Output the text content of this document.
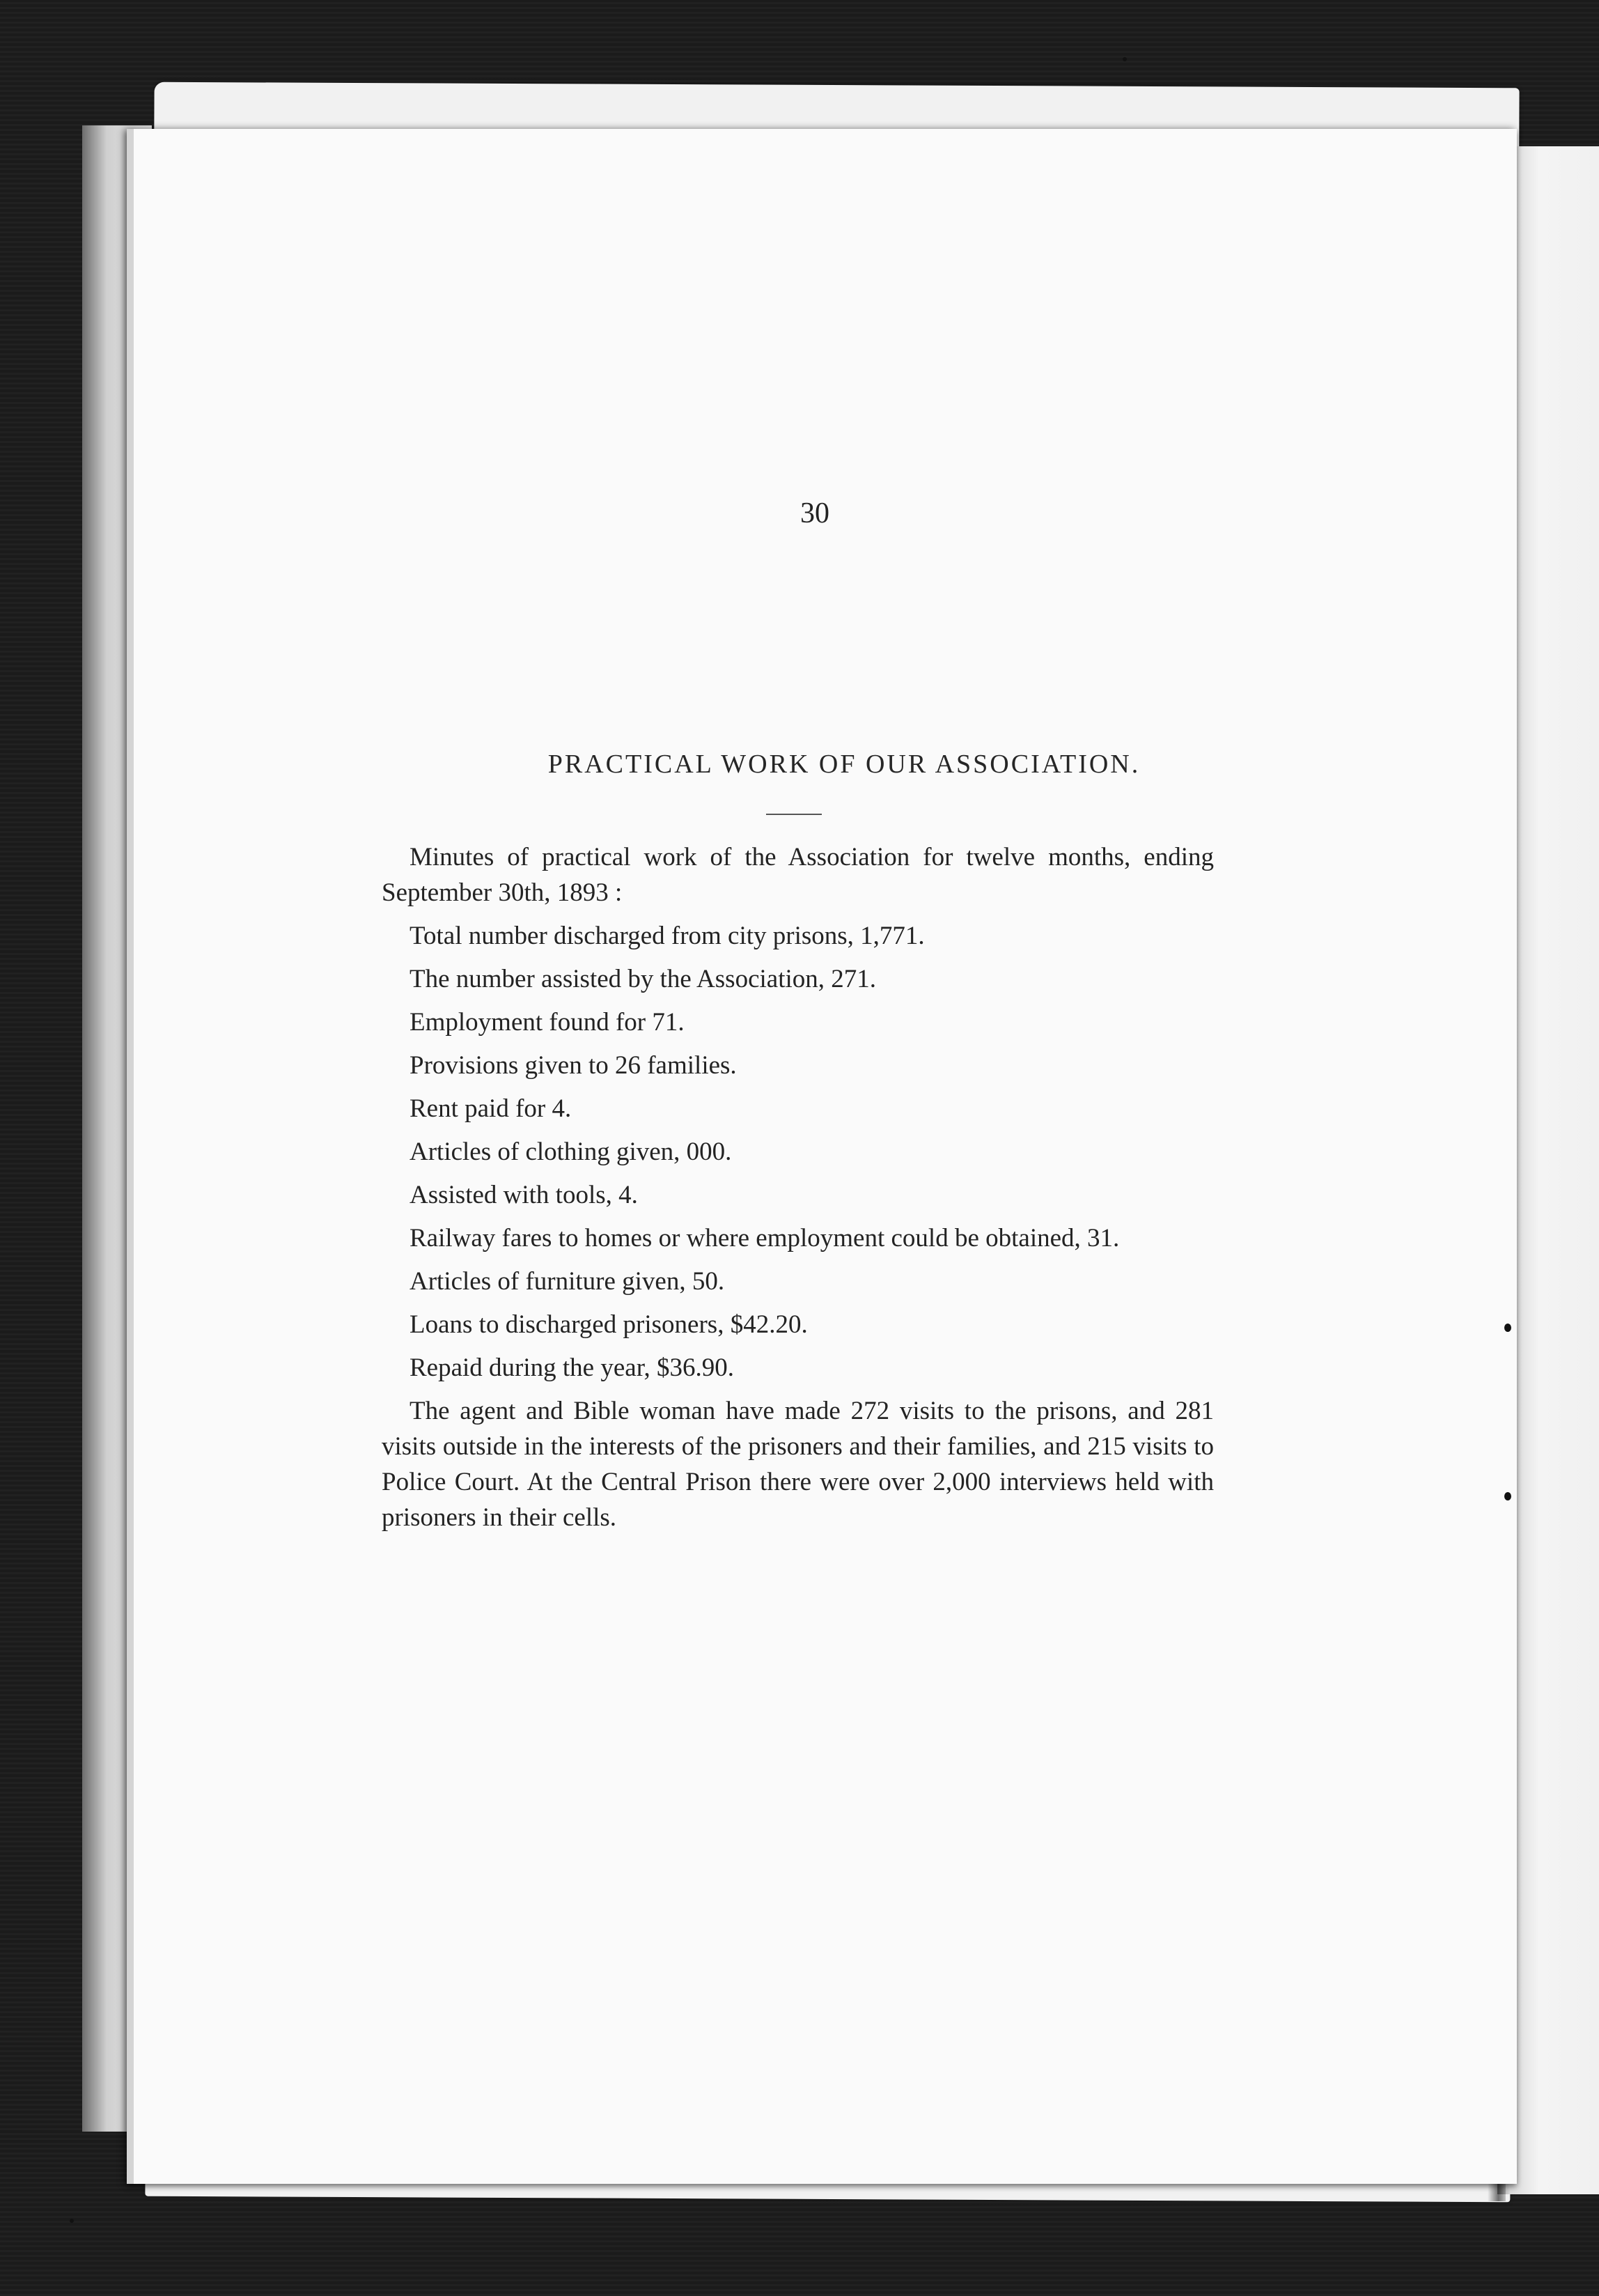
30

PRACTICAL WORK OF OUR ASSOCIATION.

Minutes of practical work of the Association for twelve months, ending September 30th, 1893 :

Total number discharged from city prisons, 1,771.

The number assisted by the Association, 271.

Employment found for 71.

Provisions given to 26 families.

Rent paid for 4.

Articles of clothing given, 000.

Assisted with tools, 4.

Railway fares to homes or where employment could be obtained, 31.

Articles of furniture given, 50.

Loans to discharged prisoners, $42.20.

Repaid during the year, $36.90.

The agent and Bible woman have made 272 visits to the prisons, and 281 visits outside in the interests of the prisoners and their families, and 215 visits to Police Court. At the Central Prison there were over 2,000 interviews held with prisoners in their cells.
